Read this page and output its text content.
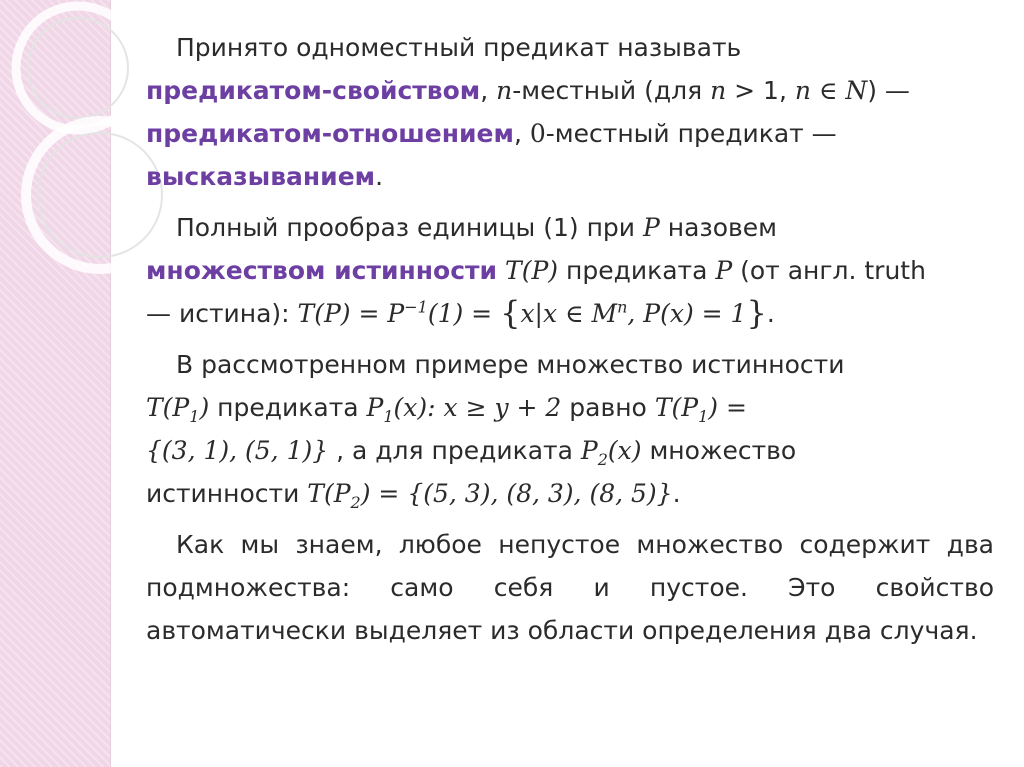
Принято одноместный предикат называть
предикатом-свойством, n-местный (для n > 1, n ∈ N) —
предикатом-отношением, 0-местный предикат —
высказыванием.

Полный прообраз единицы (1) при P назовем
множеством истинности T(P) предиката P (от англ. truth
— истина): $T(P) = P^{-1}(1) = \{x|x$ ∈ $M^n$, P(x) = 1}.

В рассмотренном примере множество истинности
$T(P_1)$ предиката $P_1(x)$: x ≥ y + 2 равно $T(P_1)$ =
{(3, 1), (5, 1)} , а для предиката $P_2(x)$ множество
истинности $T(P_2) = \{(5$, 3), (8, 3), (8, 5)}.

Как мы знаем, любое непустое множество содержит два подмножества: само себя и пустое. Это свойство автоматически выделяет из области определения два случая.
